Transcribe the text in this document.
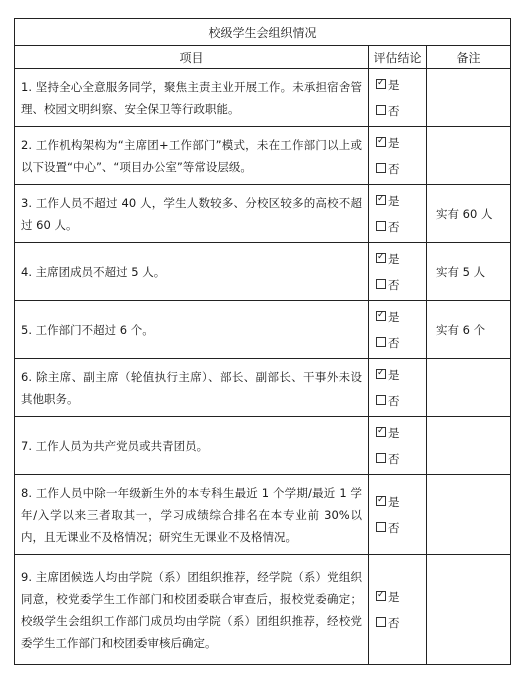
校级学生会组织情况		
项目	评估结论	备注
1. 坚持全心全意服务同学，聚焦主责主业开展工作。未承担宿舍管理、校园文明纠察、安全保卫等行政职能。	
✓是
否

2. 工作机构架构为“主席团+工作部门”模式，未在工作部门以上或以下设置“中心”、“项目办公室”等常设层级。	
✓是
否

3. 工作人员不超过 40 人，学生人数较多、分校区较多的高校不超过 60 人。	
✓是
否	实有 60 人
4. 主席团成员不超过 5 人。	
✓是
否	实有 5 人
5. 工作部门不超过 6 个。	
✓是
否	实有 6 个
6. 除主席、副主席（轮值执行主席）、部长、副部长、干事外未设其他职务。	
✓是
否

7. 工作人员为共产党员或共青团员。	
✓是
否

8. 工作人员中除一年级新生外的本专科生最近 1 个学期/最近 1 学年/入学以来三者取其一，学习成绩综合排名在本专业前 30%以内，且无课业不及格情况；研究生无课业不及格情况。	
✓是
否

9. 主席团候选人均由学院（系）团组织推荐，经学院（系）党组织同意，校党委学生工作部门和校团委联合审查后，报校党委确定；校级学生会组织工作部门成员均由学院（系）团组织推荐，经校党委学生工作部门和校团委审核后确定。	
✓是
否
